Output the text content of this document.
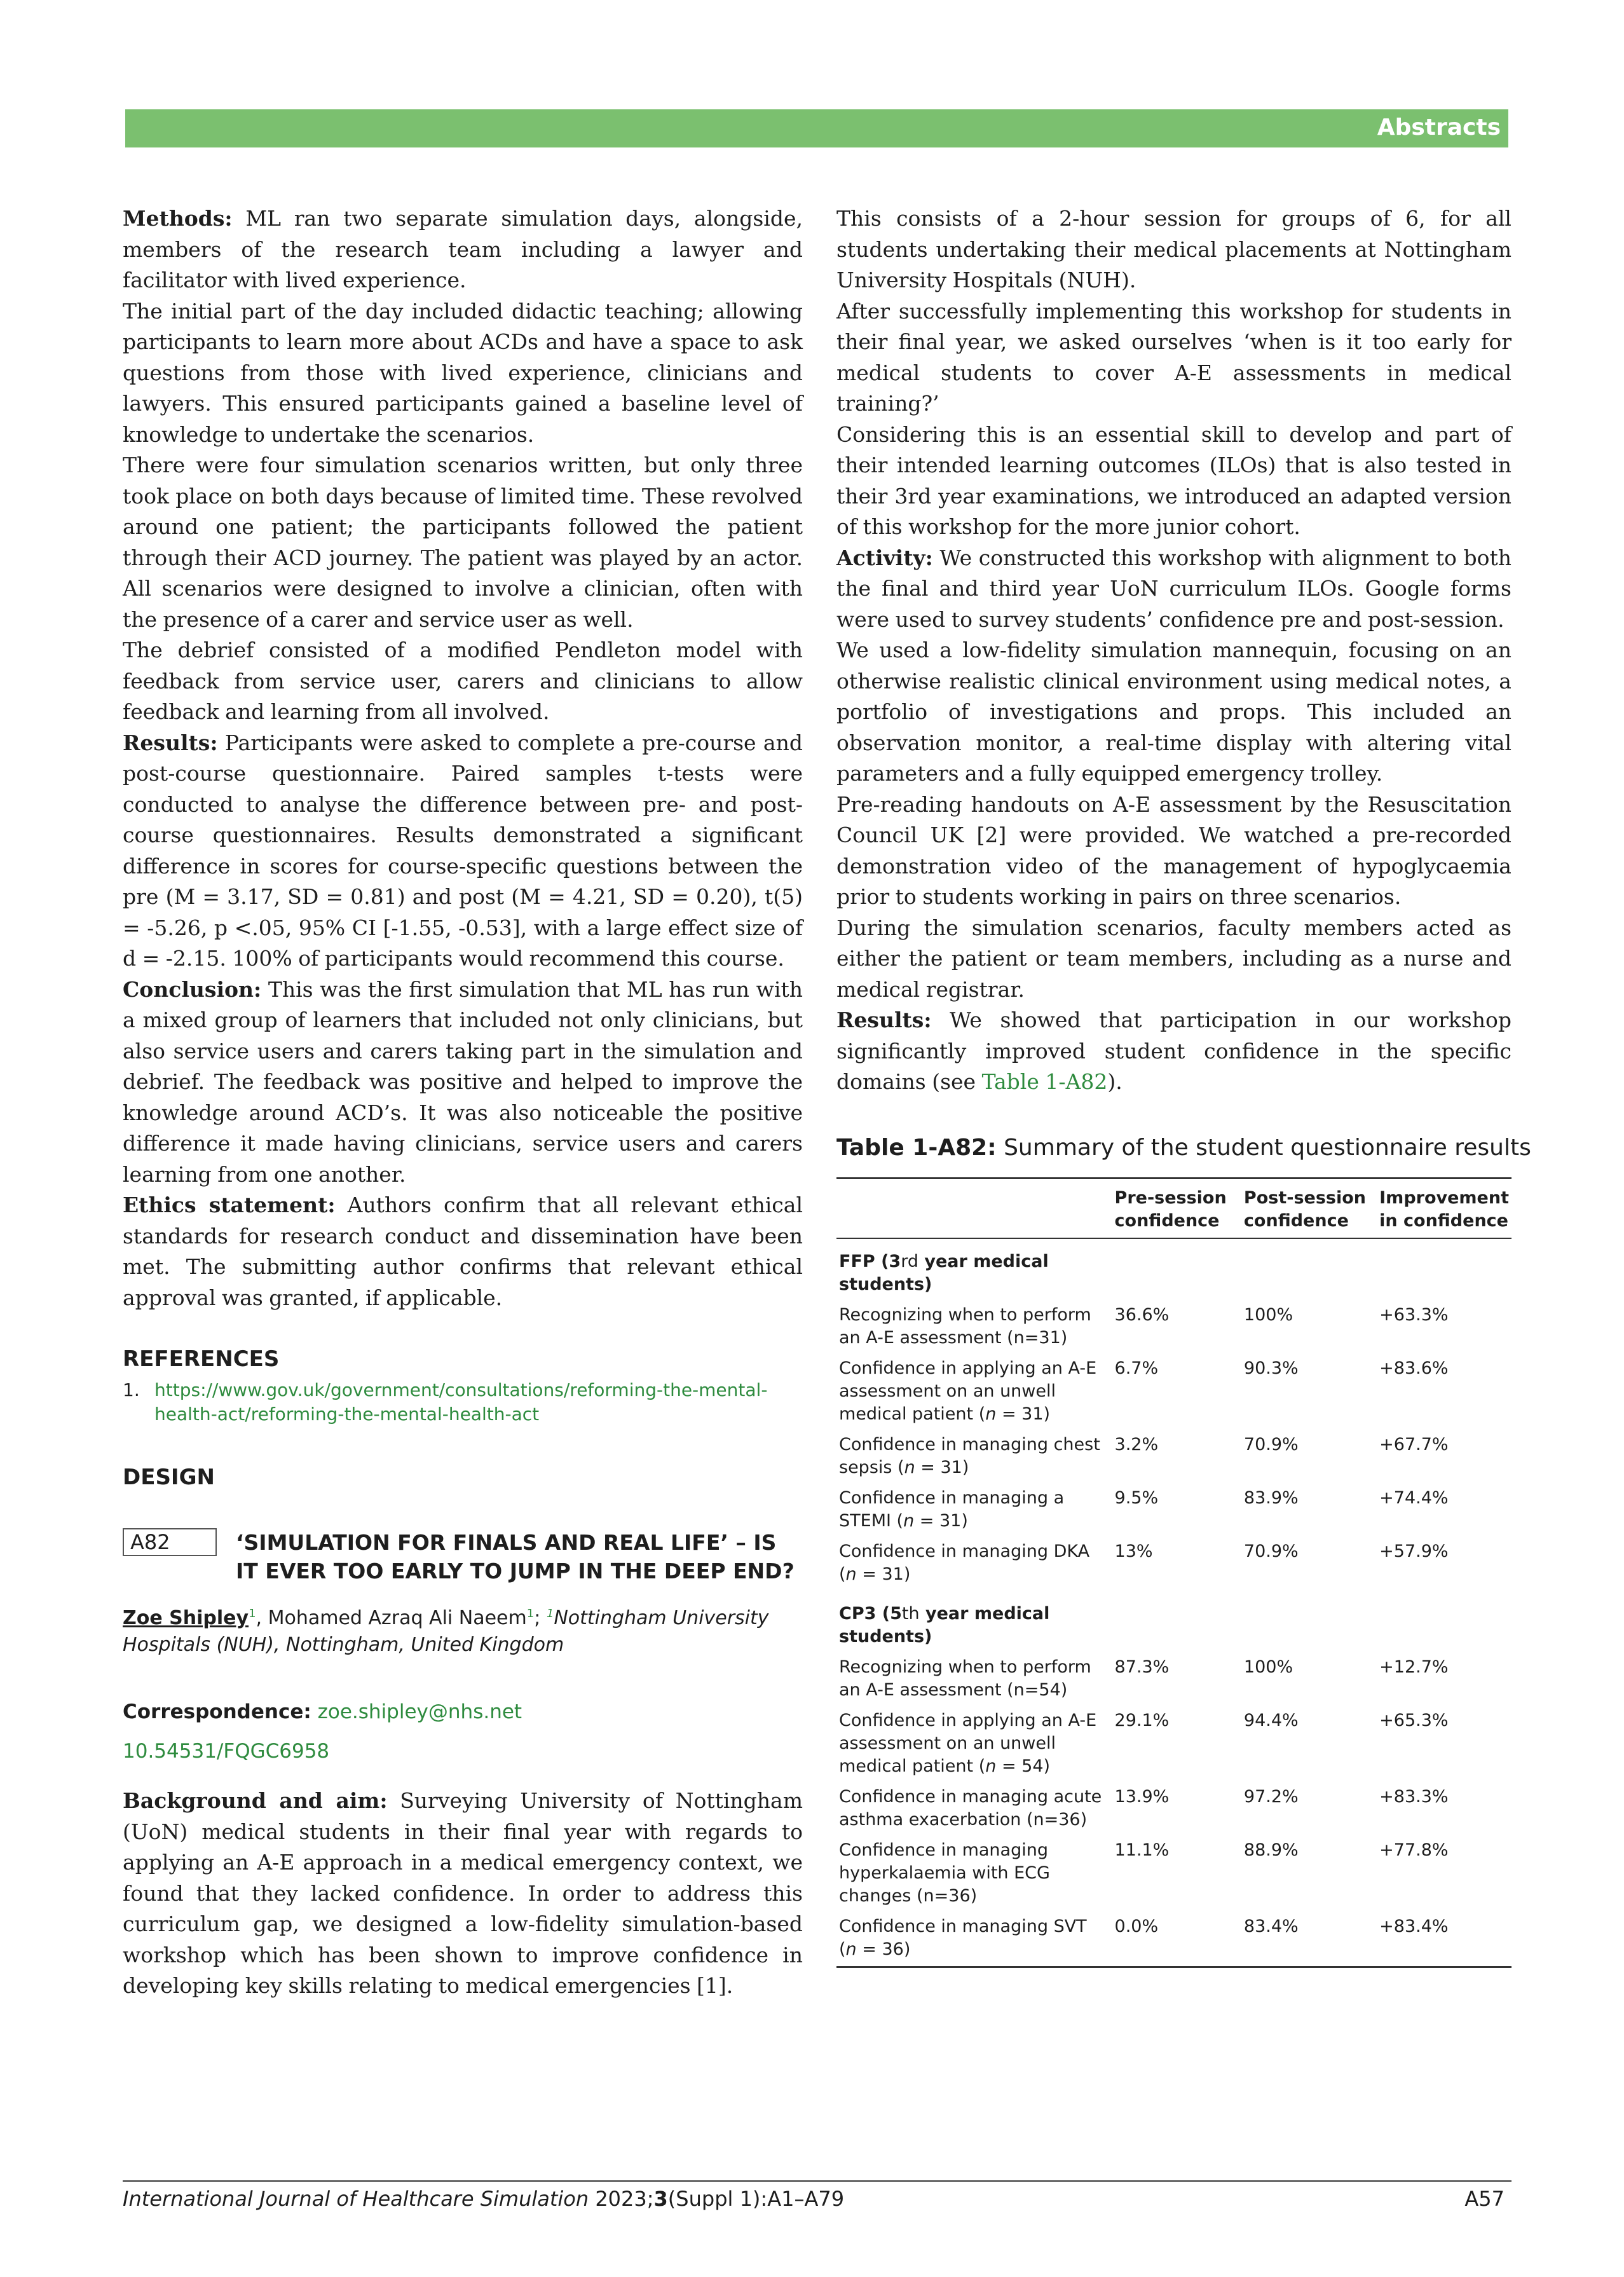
Abstracts

Methods: ML ran two separate simulation days, alongside, members of the research team including a lawyer and facilitator with lived experience.

The initial part of the day included didactic teaching; allowing participants to learn more about ACDs and have a space to ask questions from those with lived experience, clinicians and lawyers. This ensured participants gained a baseline level of knowledge to undertake the scenarios.

There were four simulation scenarios written, but only three took place on both days because of limited time. These revolved around one patient; the participants followed the patient through their ACD journey. The patient was played by an actor. All scenarios were designed to involve a clinician, often with the presence of a carer and service user as well.

The debrief consisted of a modified Pendleton model with feedback from service user, carers and clinicians to allow feedback and learning from all involved.

Results: Participants were asked to complete a pre-course and post-course questionnaire. Paired samples t-tests were conducted to analyse the difference between pre- and post-course questionnaires. Results demonstrated a significant difference in scores for course-specific questions between the pre (M = 3.17, SD = 0.81) and post (M = 4.21, SD = 0.20), t(5) = -5.26, p <.05, 95% CI [-1.55, -0.53], with a large effect size of d = -2.15. 100% of participants would recommend this course.

Conclusion: This was the first simulation that ML has run with a mixed group of learners that included not only clinicians, but also service users and carers taking part in the simulation and debrief. The feedback was positive and helped to improve the knowledge around ACD’s. It was also noticeable the positive difference it made having clinicians, service users and carers learning from one another.

Ethics statement: Authors confirm that all relevant ethical standards for research conduct and dissemination have been met. The submitting author confirms that relevant ethical approval was granted, if applicable.

REFERENCES
1. https://www.gov.uk/government/consultations/reforming-the-mental-health-act/reforming-the-mental-health-act
DESIGN
A82	‘SIMULATION FOR FINALS AND REAL LIFE’ – IS IT EVER TOO EARLY TO JUMP IN THE DEEP END?
Zoe Shipley$^1$, Mohamed Azraq Ali Naeem$^1$; $^1$Nottingham University Hospitals (NUH), Nottingham, United Kingdom
Correspondence: zoe.shipley@nhs.net
10.54531/FQGC6958

Background and aim: Surveying University of Nottingham (UoN) medical students in their final year with regards to applying an A-E approach in a medical emergency context, we found that they lacked confidence. In order to address this curriculum gap, we designed a low-fidelity simulation-based workshop which has been shown to improve confidence in developing key skills relating to medical emergencies [1].

This consists of a 2-hour session for groups of 6, for all students undertaking their medical placements at Nottingham University Hospitals (NUH).

After successfully implementing this workshop for students in their final year, we asked ourselves ‘when is it too early for medical students to cover A-E assessments in medical training?’

Considering this is an essential skill to develop and part of their intended learning outcomes (ILOs) that is also tested in their 3rd year examinations, we introduced an adapted version of this workshop for the more junior cohort.

Activity: We constructed this workshop with alignment to both the final and third year UoN curriculum ILOs. Google forms were used to survey students’ confidence pre and post-session.

We used a low-fidelity simulation mannequin, focusing on an otherwise realistic clinical environment using medical notes, a portfolio of investigations and props. This included an observation monitor, a real-time display with altering vital parameters and a fully equipped emergency trolley.

Pre-reading handouts on A-E assessment by the Resuscitation Council UK [2] were provided. We watched a pre-recorded demonstration video of the management of hypoglycaemia prior to students working in pairs on three scenarios.

During the simulation scenarios, faculty members acted as either the patient or team members, including as a nurse and medical registrar.

Results: We showed that participation in our workshop significantly improved student confidence in the specific domains (see Table 1-A82).

Table 1-A82: Summary of the student questionnaire results
	Pre-session confidence	Post-session confidence	Improvement in confidence
FFP (3rd year medical students)			
Recognizing when to perform an A-E assessment (n=31)	36.6%	100%	+63.3%
Confidence in applying an A-E assessment on an unwell medical patient (n = 31)	6.7%	90.3%	+83.6%
Confidence in managing chest sepsis (n = 31)	3.2%	70.9%	+67.7%
Confidence in managing a STEMI (n = 31)	9.5%	83.9%	+74.4%
Confidence in managing DKA (n = 31)	13%	70.9%	+57.9%
CP3 (5th year medical students)			
Recognizing when to perform an A-E assessment (n=54)	87.3%	100%	+12.7%
Confidence in applying an A-E assessment on an unwell medical patient (n = 54)	29.1%	94.4%	+65.3%
Confidence in managing acute asthma exacerbation (n=36)	13.9%	97.2%	+83.3%
Confidence in managing hyperkalaemia with ECG changes (n=36)	11.1%	88.9%	+77.8%
Confidence in managing SVT (n = 36)	0.0%	83.4%	+83.4%
International Journal of Healthcare Simulation 2023;3(Suppl 1):A1–A79	A57
